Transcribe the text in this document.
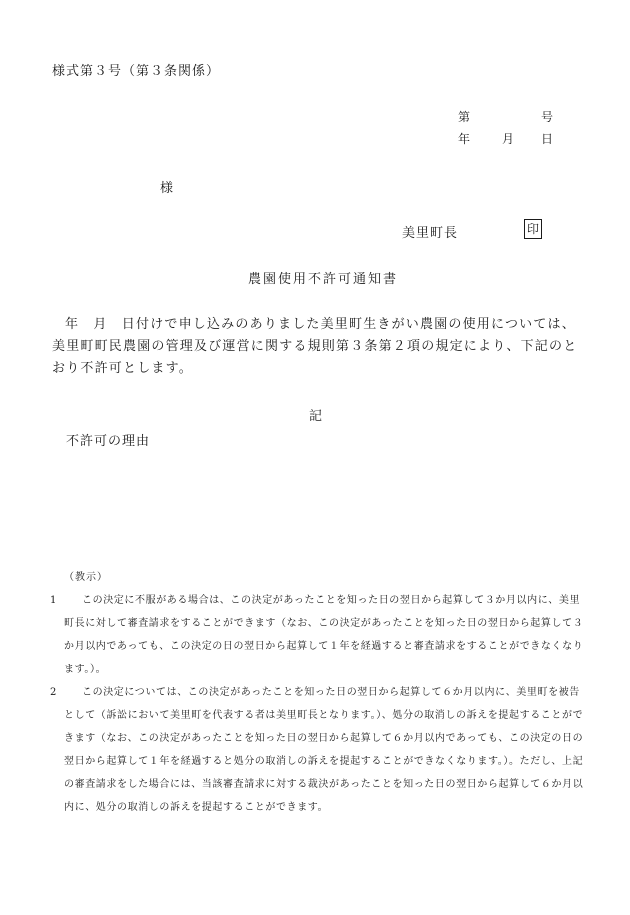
様式第３号（第３条関係）
第	号
年	月 日
様
美里町長	印
農園使用不許可通知書
年　月　日付けで申し込みのありました美里町生きがい農園の使用については、美里町町民農園の管理及び運営に関する規則第３条第２項の規定により、下記のとおり不許可とします。
記
不許可の理由
（教示）
1	この決定に不服がある場合は、この決定があったことを知った日の翌日から起算して３か月以内に、美里町長に対して審査請求をすることができます（なお、この決定があったことを知った日の翌日から起算して３か月以内であっても、この決定の日の翌日から起算して１年を経過すると審査請求をすることができなくなります。）。
2	この決定については、この決定があったことを知った日の翌日から起算して６か月以内に、美里町を被告として（訴訟において美里町を代表する者は美里町長となります。）、処分の取消しの訴えを提起することができます（なお、この決定があったことを知った日の翌日から起算して６か月以内であっても、この決定の日の翌日から起算して１年を経過すると処分の取消しの訴えを提起することができなくなります。）。ただし、上記の審査請求をした場合には、当該審査請求に対する裁決があったことを知った日の翌日から起算して６か月以内に、処分の取消しの訴えを提起することができます。
